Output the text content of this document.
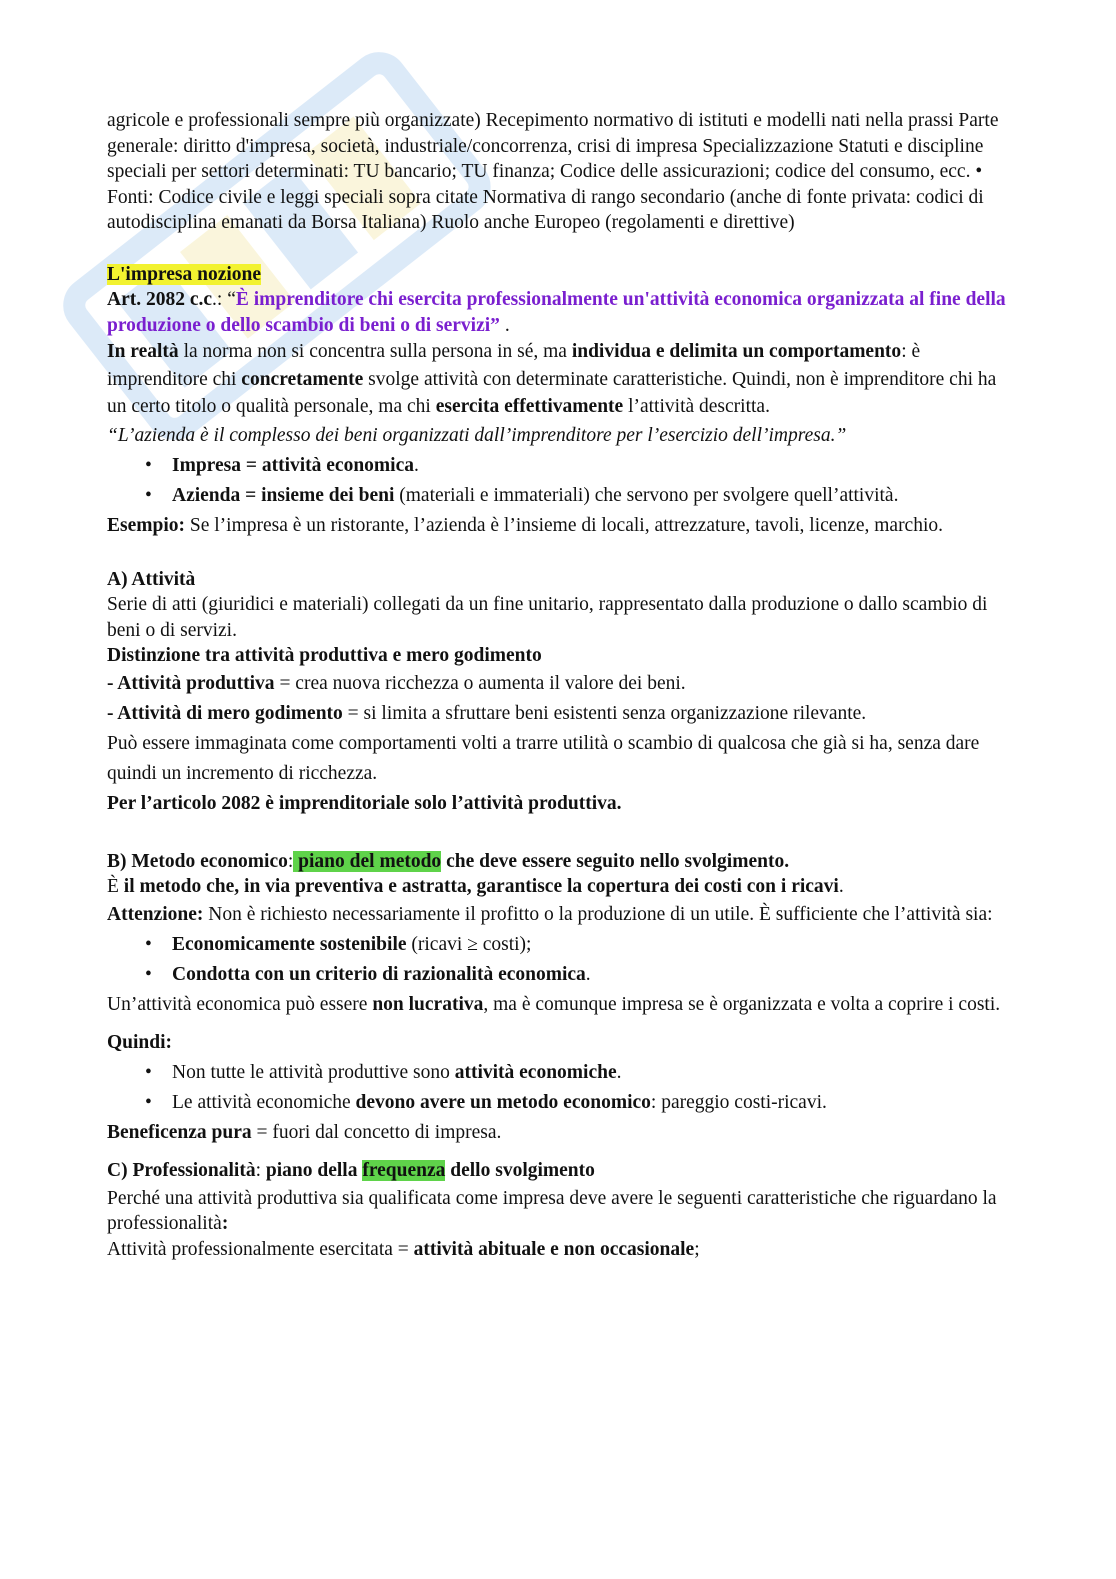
agricole e professionali sempre più organizzate) Recepimento normativo di istituti e modelli nati nella prassi Parte generale: diritto d'impresa, società, industriale/concorrenza, crisi di impresa Specializzazione Statuti e discipline speciali per settori determinati: TU bancario; TU finanza; Codice delle assicurazioni; codice del consumo, ecc. • Fonti: Codice civile e leggi speciali sopra citate Normativa di rango secondario (anche di fonte privata: codici di autodisciplina emanati da Borsa Italiana) Ruolo anche Europeo (regolamenti e direttive)

L'impresa nozione

Art. 2082 c.c.: “È imprenditore chi esercita professionalmente un'attività economica organizzata al fine della produzione o dello scambio di beni o di servizi” .

In realtà la norma non si concentra sulla persona in sé, ma individua e delimita un comportamento: è imprenditore chi concretamente svolge attività con determinate caratteristiche. Quindi, non è imprenditore chi ha un certo titolo o qualità personale, ma chi esercita effettivamente l’attività descritta.

“L’azienda è il complesso dei beni organizzati dall’imprenditore per l’esercizio dell’impresa.”

• Impresa = attività economica.
• Azienda = insieme dei beni (materiali e immateriali) che servono per svolgere quell’attività.

Esempio: Se l’impresa è un ristorante, l’azienda è l’insieme di locali, attrezzature, tavoli, licenze, marchio.

A) Attività

Serie di atti (giuridici e materiali) collegati da un fine unitario, rappresentato dalla produzione o dallo scambio di beni o di servizi.

Distinzione tra attività produttiva e mero godimento

- Attività produttiva = crea nuova ricchezza o aumenta il valore dei beni.

- Attività di mero godimento = si limita a sfruttare beni esistenti senza organizzazione rilevante.

Può essere immaginata come comportamenti volti a trarre utilità o scambio di qualcosa che già si ha, senza dare quindi un incremento di ricchezza.

Per l’articolo 2082 è imprenditoriale solo l’attività produttiva.

B) Metodo economico: piano del metodo che deve essere seguito nello svolgimento.

È il metodo che, in via preventiva e astratta, garantisce la copertura dei costi con i ricavi.

Attenzione: Non è richiesto necessariamente il profitto o la produzione di un utile. È sufficiente che l’attività sia:

• Economicamente sostenibile (ricavi ≥ costi);
• Condotta con un criterio di razionalità economica.

Un’attività economica può essere non lucrativa, ma è comunque impresa se è organizzata e volta a coprire i costi.

Quindi:

• Non tutte le attività produttive sono attività economiche.
• Le attività economiche devono avere un metodo economico: pareggio costi-ricavi.

Beneficenza pura = fuori dal concetto di impresa.

C) Professionalità: piano della frequenza dello svolgimento

Perché una attività produttiva sia qualificata come impresa deve avere le seguenti caratteristiche che riguardano la professionalità:

Attività professionalmente esercitata = attività abituale e non occasionale;
